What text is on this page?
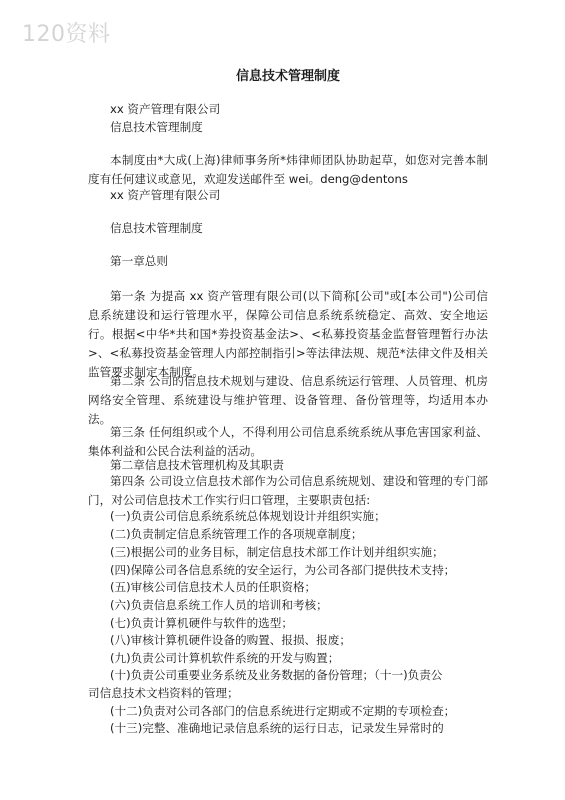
120资料
信息技术管理制度
xx 资产管理有限公司
信息技术管理制度
本制度由*大成(上海)律师事务所*炜律师团队协助起草，如您对完善本制度有任何建议或意见，欢迎发送邮件至 wei。deng@dentons
xx 资产管理有限公司
信息技术管理制度
第一章总则
第一条 为提高 xx 资产管理有限公司(以下简称[公司"或[本公司")公司信息系统建设和运行管理水平，保障公司信息系统系统稳定、高效、安全地运行。根据<中华*共和国*劵投资基金法>、<私募投资基金监督管理暂行办法>、<私募投资基金管理人内部控制指引>等法律法规、规范*法律文件及相关监管要求制定本制度。
第二条 公司的信息技术规划与建设、信息系统运行管理、人员管理、机房网络安全管理、系统建设与维护管理、设备管理、备份管理等，均适用本办法。
第三条 任何组织或个人，不得利用公司信息系统系统从事危害国家利益、集体利益和公民合法利益的活动。
第二章信息技术管理机构及其职责
第四条 公司设立信息技术部作为公司信息系统规划、建设和管理的专门部门，对公司信息技术工作实行归口管理，主要职责包括:
(一)负责公司信息系统系统总体规划设计并组织实施；
(二)负责制定信息系统管理工作的各项规章制度；
(三)根据公司的业务目标，制定信息技术部工作计划并组织实施；
(四)保障公司各信息系统的安全运行，为公司各部门提供技术支持；
(五)审核公司信息技术人员的任职资格；
(六)负责信息系统工作人员的培训和考核；
(七)负责计算机硬件与软件的选型；
(八)审核计算机硬件设备的购置、报损、报废；
(九)负责公司计算机软件系统的开发与购置；
(十)负责公司重要业务系统及业务数据的备份管理；（十一)负责公
司信息技术文档资料的管理；
(十二)负责对公司各部门的信息系统进行定期或不定期的专项检查；
(十三)完整、准确地记录信息系统的运行日志，记录发生异常时的
